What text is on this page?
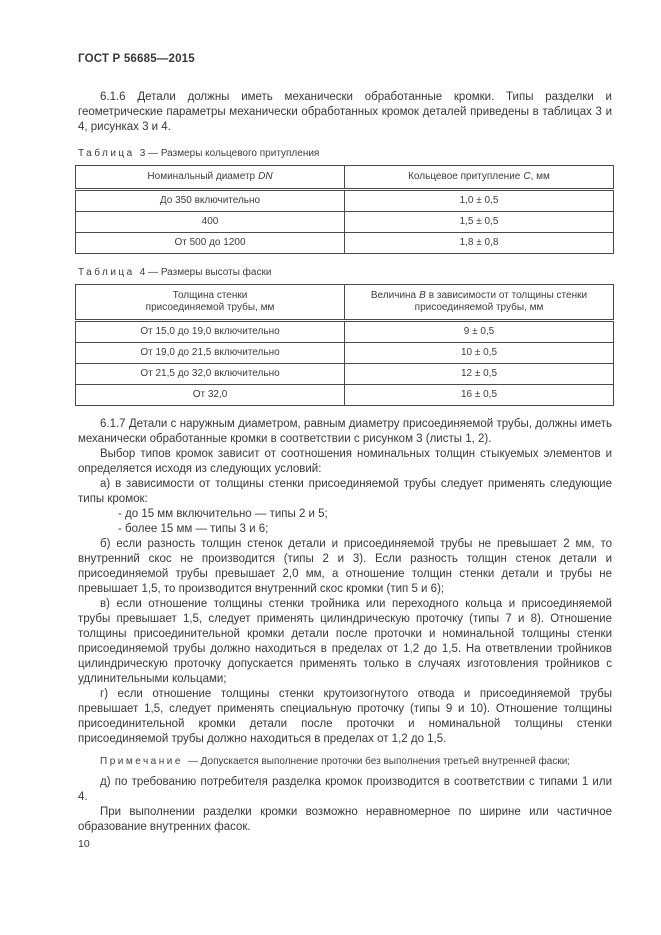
ГОСТ Р 56685—2015

6.1.6 Детали должны иметь механически обработанные кромки. Типы разделки и геометрические параметры механически обработанных кромок деталей приведены в таблицах 3 и 4, рисунках 3 и 4.

Таблица 3 — Размеры кольцевого притупления

Номинальный диаметр DN	Кольцевое притупление С, мм
До 350 включительно	1,0 ± 0,5
400	1,5 ± 0,5
От 500 до 1200	1,8 ± 0,8

Таблица 4 — Размеры высоты фаски

Толщина стенки
присоединяемой трубы, мм	Величина В в зависимости от толщины стенки присоединяемой трубы, мм
От 15,0 до 19,0 включительно	9 ± 0,5
От 19,0 до 21,5 включительно	10 ± 0,5
От 21,5 до 32,0 включительно	12 ± 0,5
От 32,0	16 ± 0,5

6.1.7 Детали с наружным диаметром, равным диаметру присоединяемой трубы, должны иметь механически обработанные кромки в соответствии с рисунком 3 (листы 1, 2).

Выбор типов кромок зависит от соотношения номинальных толщин стыкуемых элементов и определяется исходя из следующих условий:

а) в зависимости от толщины стенки присоединяемой трубы следует применять следующие типы кромок:

- до 15 мм включительно — типы 2 и 5;

- более 15 мм — типы 3 и 6;

б) если разность толщин стенок детали и присоединяемой трубы не превышает 2 мм, то внутренний скос не производится (типы 2 и 3). Если разность толщин стенок детали и присоединяемой трубы превышает 2,0 мм, а отношение толщин стенки детали и трубы не превышает 1,5, то производится внутренний скос кромки (тип 5 и 6);

в) если отношение толщины стенки тройника или переходного кольца и присоединяемой трубы превышает 1,5, следует применять цилиндрическую проточку (типы 7 и 8). Отношение толщины присоединительной кромки детали после проточки и номинальной толщины стенки присоединяемой трубы должно находиться в пределах от 1,2 до 1,5. На ответвлении тройников цилиндрическую проточку допускается применять только в случаях изготовления тройников с удлинительными кольцами;

г) если отношение толщины стенки крутоизогнутого отвода и присоединяемой трубы превышает 1,5, следует применять специальную проточку (типы 9 и 10). Отношение толщины присоединительной кромки детали после проточки и номинальной толщины стенки присоединяемой трубы должно находиться в пределах от 1,2 до 1,5.

Примечание — Допускается выполнение проточки без выполнения третьей внутренней фаски;

д) по требованию потребителя разделка кромок производится в соответствии с типами 1 или 4.

При выполнении разделки кромки возможно неравномерное по ширине или частичное образование внутренних фасок.

10
